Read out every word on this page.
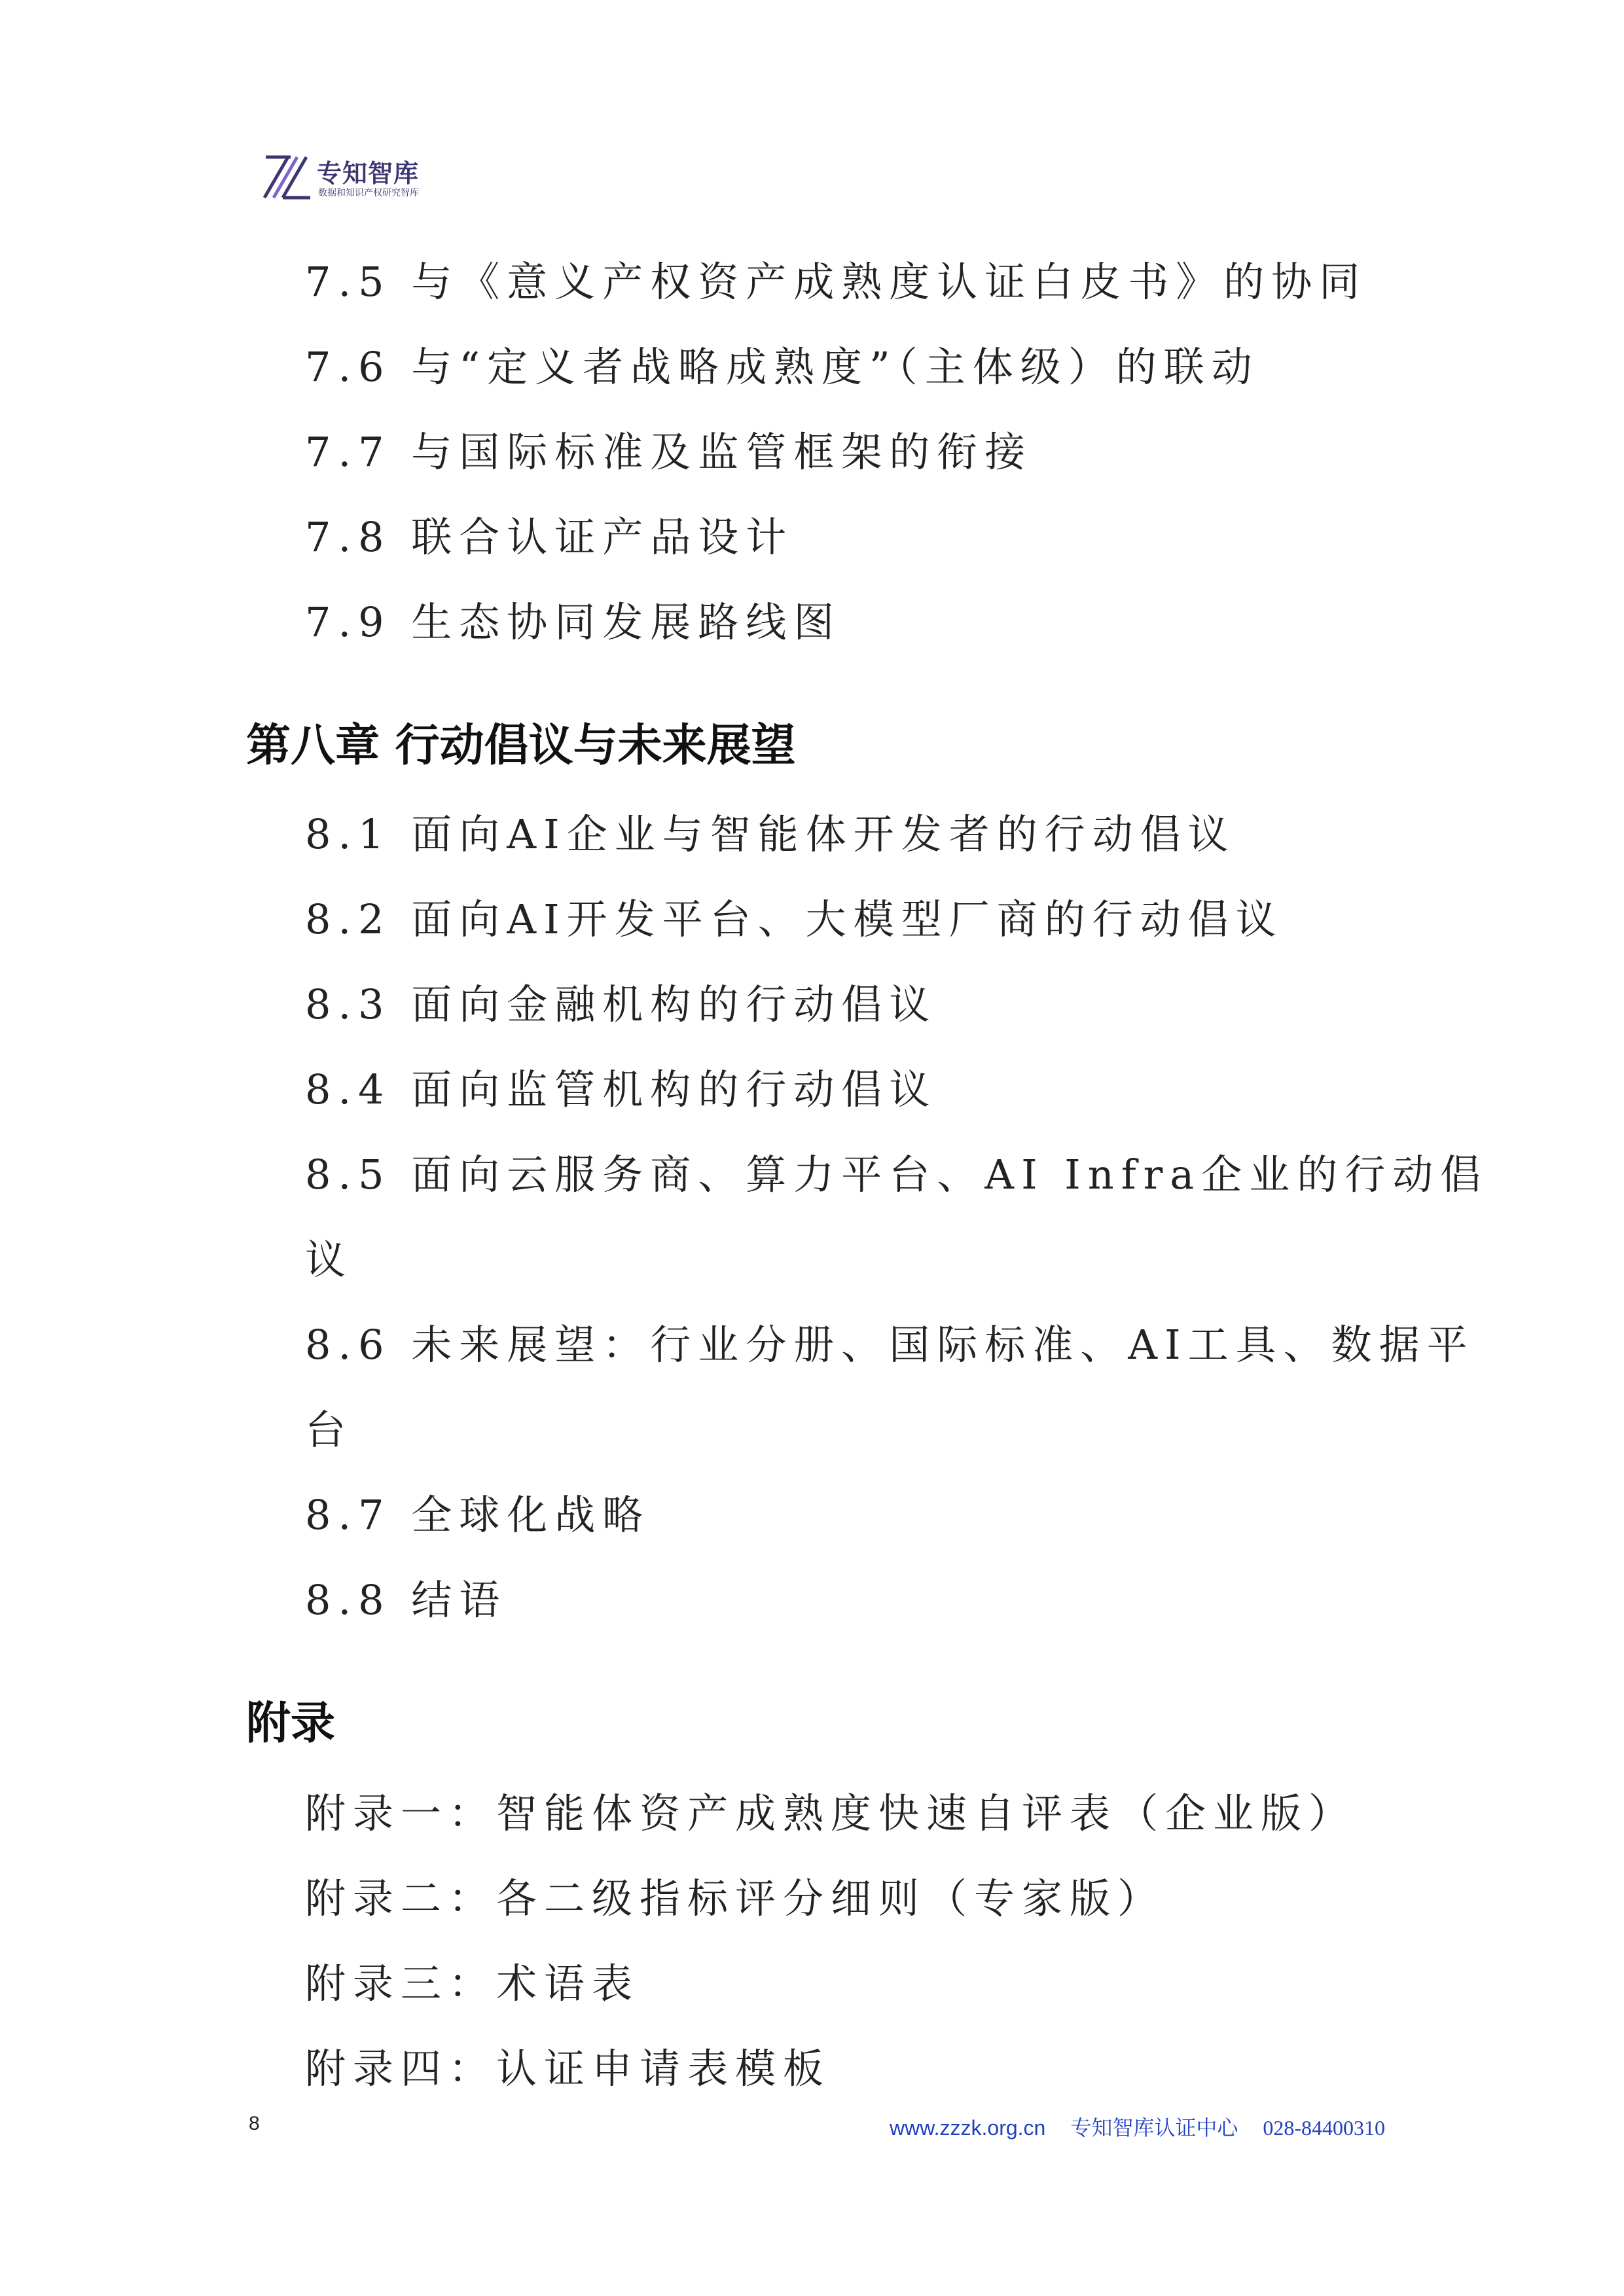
专知智库
数据和知识产权研究智库
7.5 与《意义产权资产成熟度认证白皮书》的协同
7.6 与“定义者战略成熟度”（主体级）的联动
7.7 与国际标准及监管框架的衔接
7.8 联合认证产品设计
7.9 生态协同发展路线图
第八章 行动倡议与未来展望
8.1 面向AI企业与智能体开发者的行动倡议
8.2 面向AI开发平台、大模型厂商的行动倡议
8.3 面向金融机构的行动倡议
8.4 面向监管机构的行动倡议
8.5 面向云服务商、算力平台、AI Infra企业的行动倡
议
8.6 未来展望：行业分册、国际标准、AI工具、数据平
台
8.7 全球化战略
8.8 结语
附录
附录一：智能体资产成熟度快速自评表（企业版）
附录二：各二级指标评分细则（专家版）
附录三：术语表
附录四：认证申请表模板
8	www.zzzk.org.cn 专知智库认证中心 028-84400310
